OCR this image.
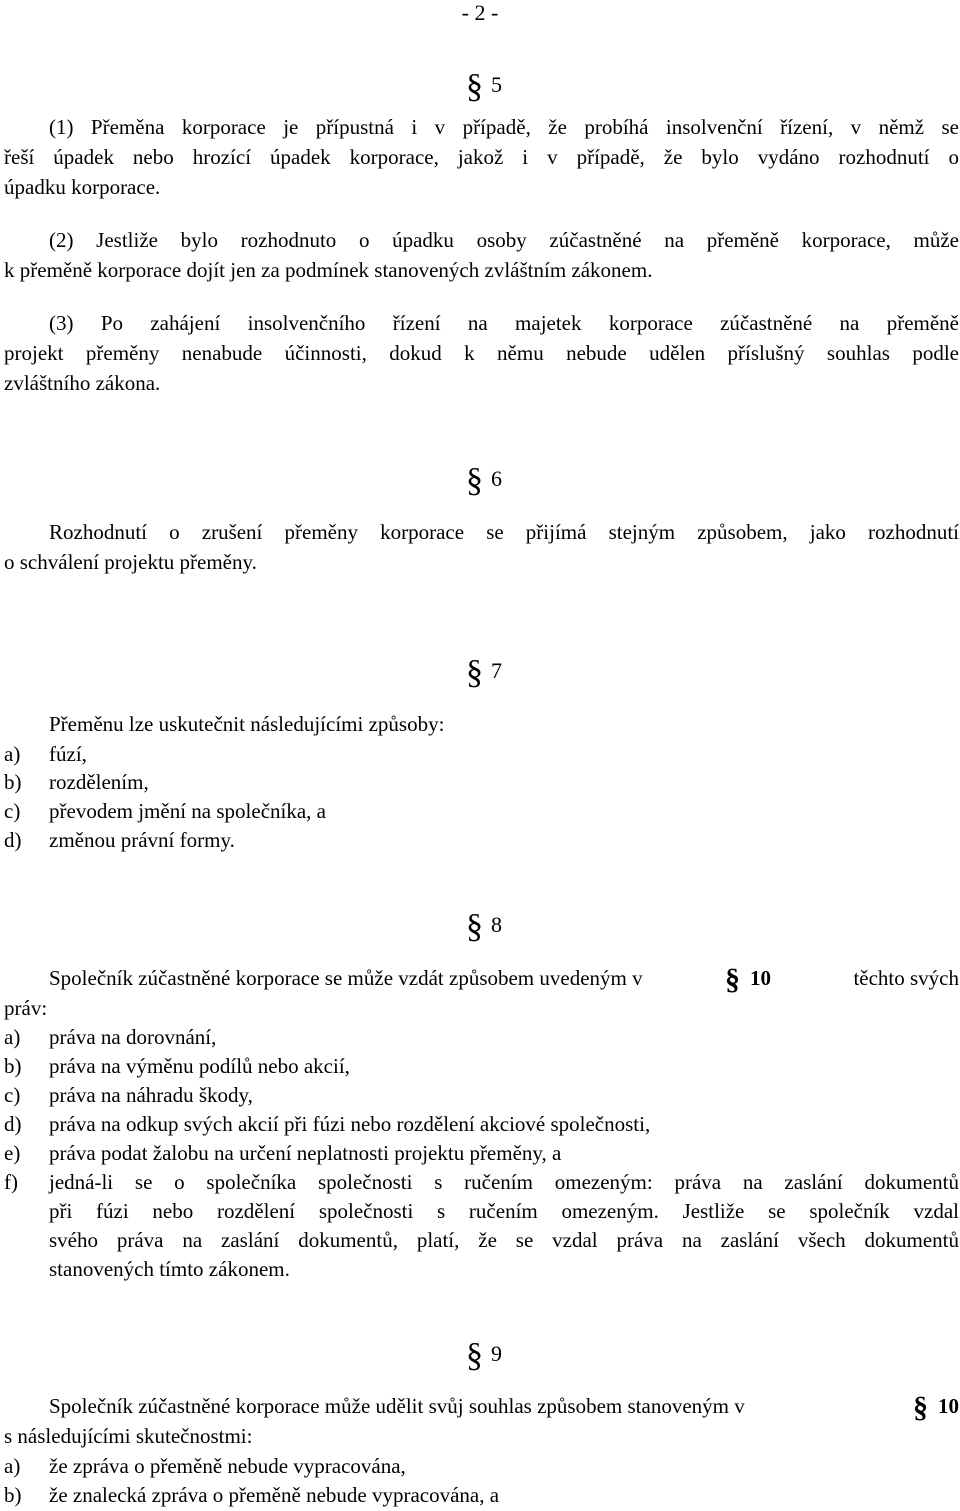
- 2 -
§ 5
(1) Přeměna korporace je přípustná i v případě, že probíhá insolvenční řízení, v němž se
řeší úpadek nebo hrozící úpadek korporace, jakož i v případě, že bylo vydáno rozhodnutí o
úpadku korporace.
(2) Jestliže bylo rozhodnuto o úpadku osoby zúčastněné na přeměně korporace, může
k přeměně korporace dojít jen za podmínek stanovených zvláštním zákonem.
(3) Po zahájení insolvenčního řízení na majetek korporace zúčastněné na přeměně
projekt přeměny nenabude účinnosti, dokud k němu nebude udělen příslušný souhlas podle
zvláštního zákona.
§ 6
Rozhodnutí o zrušení přeměny korporace se přijímá stejným způsobem, jako rozhodnutí
o schválení projektu přeměny.
§ 7
Přeměnu lze uskutečnit následujícími způsoby:
a) fúzí,
b) rozdělením,
c) převodem jmění na společníka, a
d) změnou právní formy.
§ 8
Společník zúčastněné korporace se může vzdát způsobem uvedeným v	§ 10	těchto svých
práv:
a) práva na dorovnání,
b) práva na výměnu podílů nebo akcií,
c) práva na náhradu škody,
d) práva na odkup svých akcií při fúzi nebo rozdělení akciové společnosti,
e) práva podat žalobu na určení neplatnosti projektu přeměny, a
f) jedná-li se o společníka společnosti s ručením omezeným: práva na zaslání dokumentů
při fúzi nebo rozdělení společnosti s ručením omezeným. Jestliže se společník vzdal
svého práva na zaslání dokumentů, platí, že se vzdal práva na zaslání všech dokumentů
stanovených tímto zákonem.
§ 9
Společník zúčastněné korporace může udělit svůj souhlas způsobem stanoveným v	§ 10
s následujícími skutečnostmi:
a) že zpráva o přeměně nebude vypracována,
b) že znalecká zpráva o přeměně nebude vypracována, a
